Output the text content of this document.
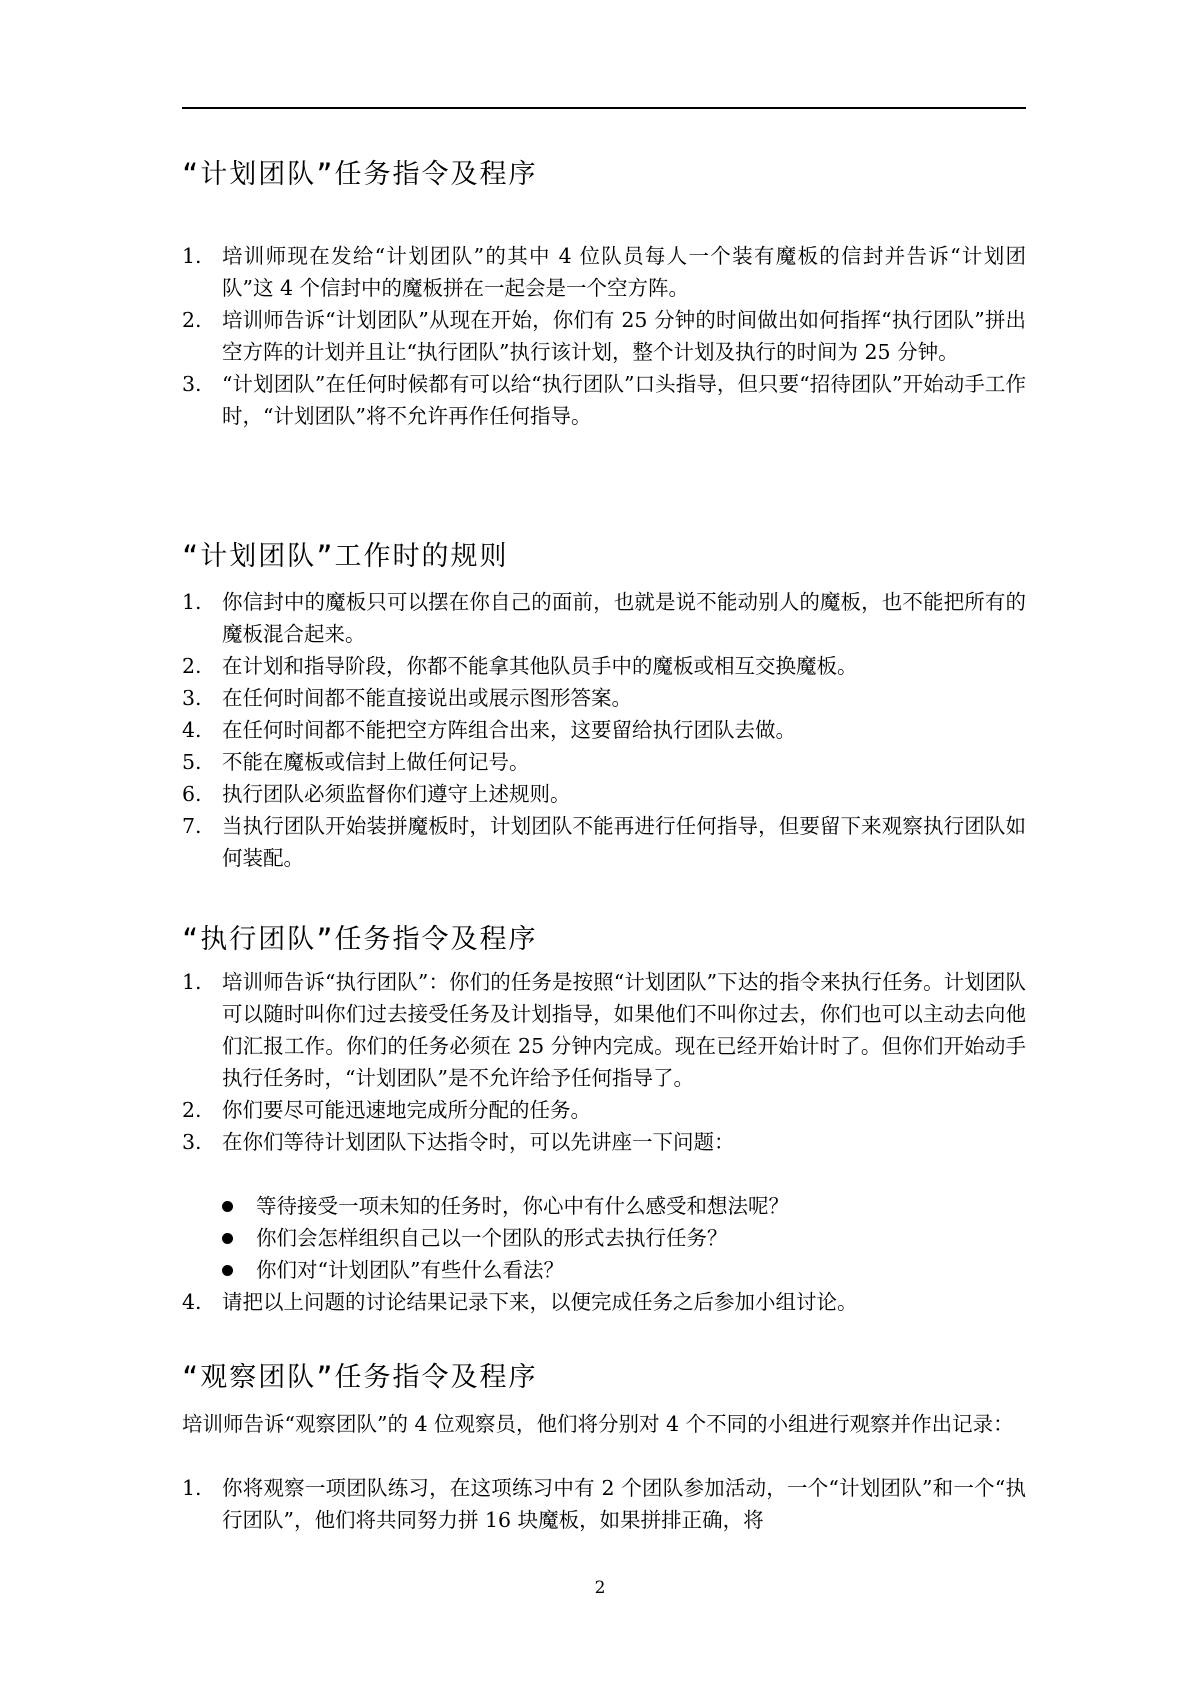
“计划团队”任务指令及程序
1. 培训师现在发给“计划团队”的其中 4 位队员每人一个装有魔板的信封并告诉“计划团队”这 4 个信封中的魔板拼在一起会是一个空方阵。
2. 培训师告诉“计划团队”从现在开始，你们有 25 分钟的时间做出如何指挥“执行团队”拼出空方阵的计划并且让“执行团队”执行该计划，整个计划及执行的时间为 25 分钟。
3. “计划团队”在任何时候都有可以给“执行团队”口头指导，但只要“招待团队”开始动手工作时，“计划团队”将不允许再作任何指导。
“计划团队”工作时的规则
1. 你信封中的魔板只可以摆在你自己的面前，也就是说不能动别人的魔板，也不能把所有的魔板混合起来。
2. 在计划和指导阶段，你都不能拿其他队员手中的魔板或相互交换魔板。
3. 在任何时间都不能直接说出或展示图形答案。
4. 在任何时间都不能把空方阵组合出来，这要留给执行团队去做。
5. 不能在魔板或信封上做任何记号。
6. 执行团队必须监督你们遵守上述规则。
7. 当执行团队开始装拼魔板时，计划团队不能再进行任何指导，但要留下来观察执行团队如何装配。
“执行团队”任务指令及程序
1. 培训师告诉“执行团队”：你们的任务是按照“计划团队”下达的指令来执行任务。计划团队可以随时叫你们过去接受任务及计划指导，如果他们不叫你过去，你们也可以主动去向他们汇报工作。你们的任务必须在 25 分钟内完成。现在已经开始计时了。但你们开始动手执行任务时，“计划团队”是不允许给予任何指导了。
2. 你们要尽可能迅速地完成所分配的任务。
3. 在你们等待计划团队下达指令时，可以先讲座一下问题：
等待接受一项未知的任务时，你心中有什么感受和想法呢？
你们会怎样组织自己以一个团队的形式去执行任务？
你们对“计划团队”有些什么看法？
4. 请把以上问题的讨论结果记录下来，以便完成任务之后参加小组讨论。
“观察团队”任务指令及程序

培训师告诉“观察团队”的 4 位观察员，他们将分别对 4 个不同的小组进行观察并作出记录：

1. 你将观察一项团队练习，在这项练习中有 2 个团队参加活动，一个“计划团队”和一个“执行团队”，他们将共同努力拼 16 块魔板，如果拼排正确，将
2
